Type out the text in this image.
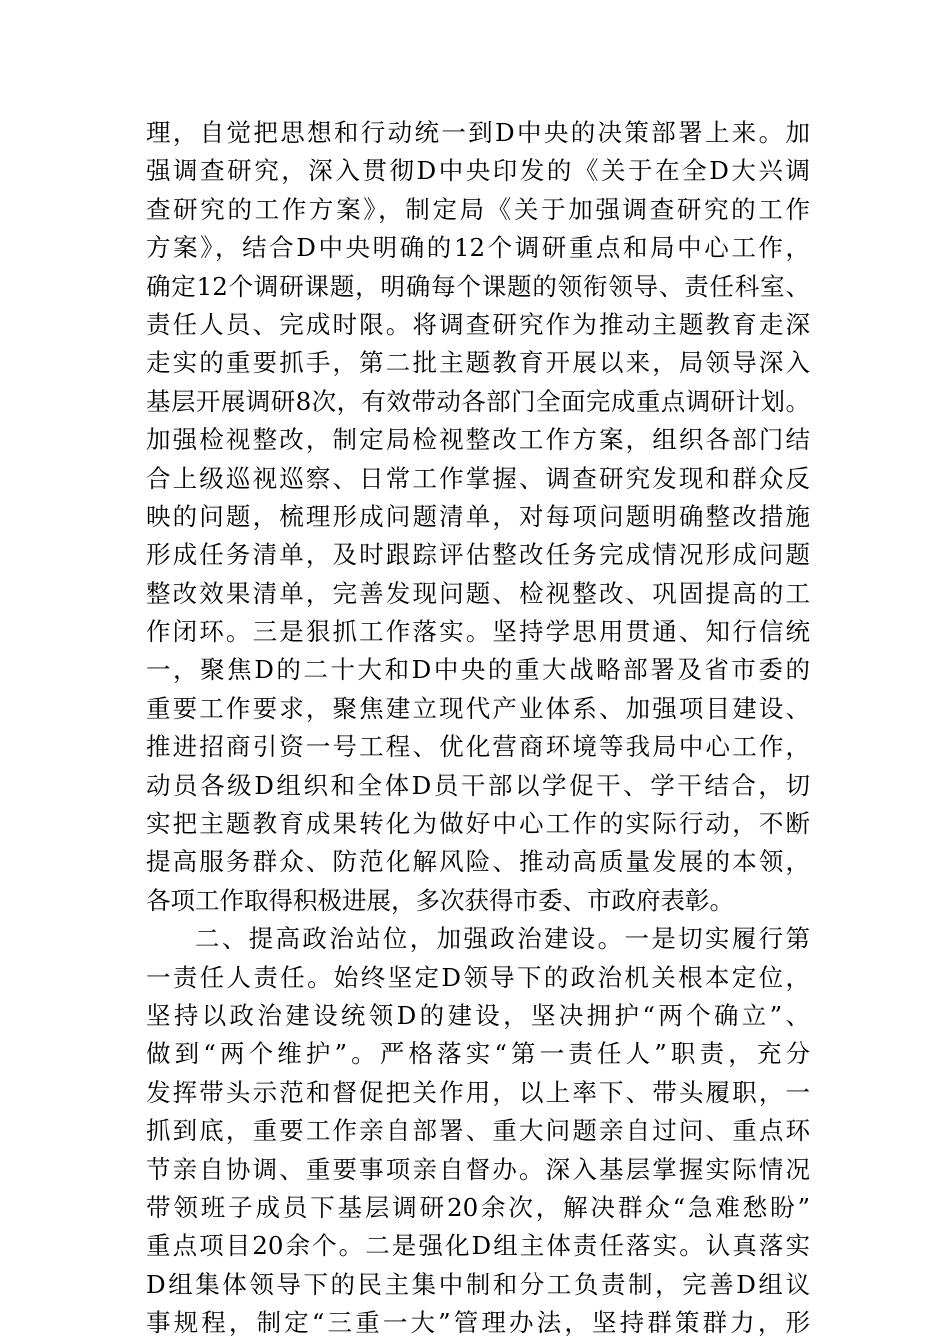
理，自觉把思想和行动统一到D中央的决策部署上来。加
强调查研究，深入贯彻D中央印发的《关于在全D大兴调
查研究的工作方案》，制定局《关于加强调查研究的工作
方案》，结合D中央明确的12个调研重点和局中心工作，
确定12个调研课题，明确每个课题的领衔领导、责任科室、
责任人员、完成时限。将调查研究作为推动主题教育走深
走实的重要抓手，第二批主题教育开展以来，局领导深入
基层开展调研8次，有效带动各部门全面完成重点调研计划。
加强检视整改，制定局检视整改工作方案，组织各部门结
合上级巡视巡察、日常工作掌握、调查研究发现和群众反
映的问题，梳理形成问题清单，对每项问题明确整改措施
形成任务清单，及时跟踪评估整改任务完成情况形成问题
整改效果清单，完善发现问题、检视整改、巩固提高的工
作闭环。三是狠抓工作落实。坚持学思用贯通、知行信统
一，聚焦D的二十大和D中央的重大战略部署及省市委的
重要工作要求，聚焦建立现代产业体系、加强项目建设、
推进招商引资一号工程、优化营商环境等我局中心工作，
动员各级D组织和全体D员干部以学促干、学干结合，切
实把主题教育成果转化为做好中心工作的实际行动，不断
提高服务群众、防范化解风险、推动高质量发展的本领，
各项工作取得积极进展，多次获得市委、市政府表彰。
二、提高政治站位，加强政治建设。一是切实履行第
一责任人责任。始终坚定D领导下的政治机关根本定位，
坚持以政治建设统领D的建设，坚决拥护“两个确立”、
做到“两个维护”。严格落实“第一责任人”职责，充分
发挥带头示范和督促把关作用，以上率下、带头履职，一
抓到底，重要工作亲自部署、重大问题亲自过问、重点环
节亲自协调、重要事项亲自督办。深入基层掌握实际情况
带领班子成员下基层调研20余次，解决群众“急难愁盼”
重点项目20余个。二是强化D组主体责任落实。认真落实
D组集体领导下的民主集中制和分工负责制，完善D组议
事规程，制定“三重一大”管理办法，坚持群策群力，形
